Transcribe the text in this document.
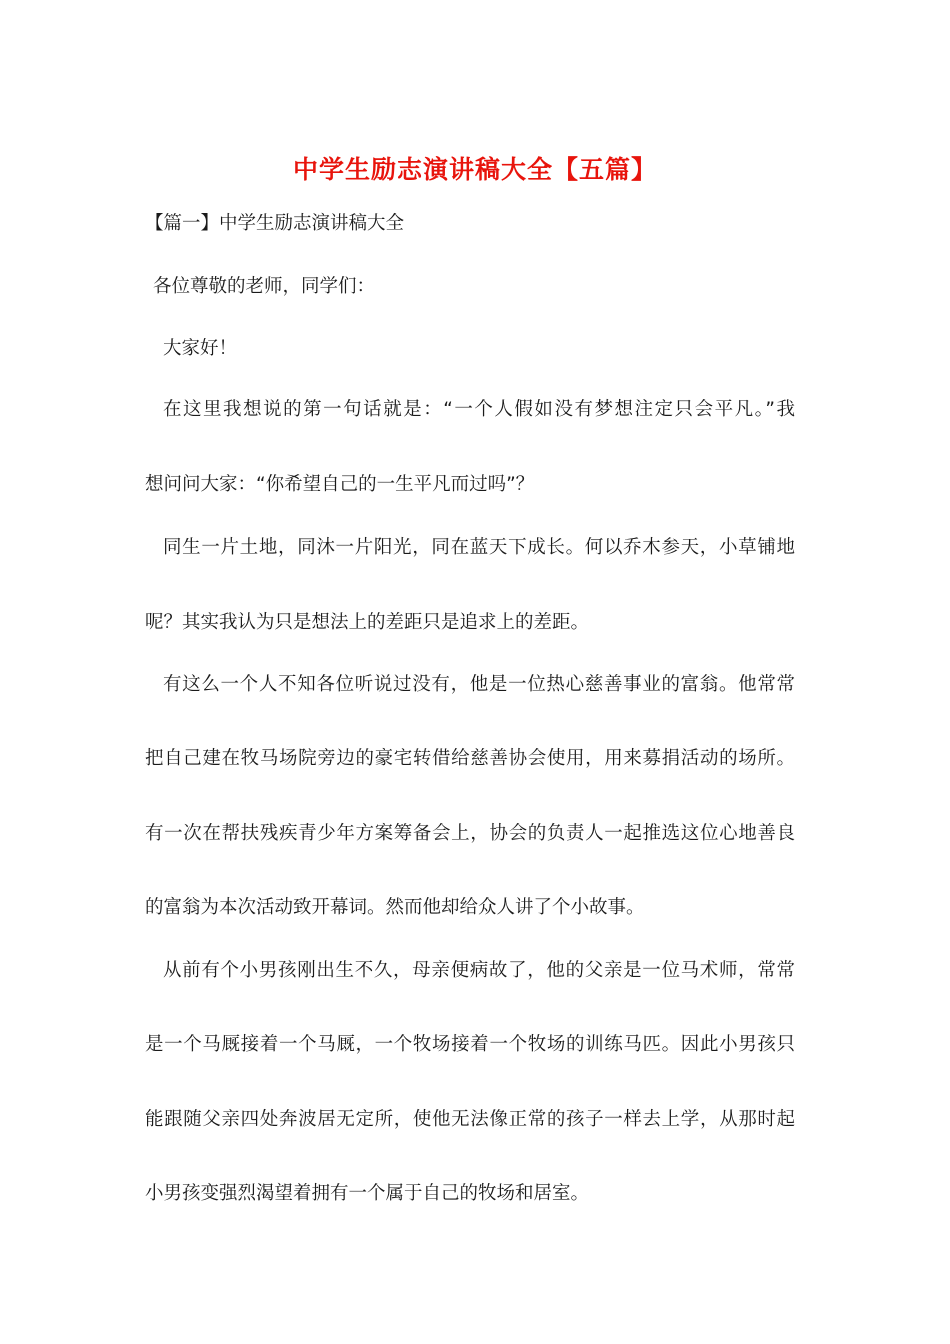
中学生励志演讲稿大全【五篇】
【篇一】中学生励志演讲稿大全
各位尊敬的老师，同学们：
大家好！
在这里我想说的第一句话就是：“一个人假如没有梦想注定只会平凡。”我
想问问大家：“你希望自己的一生平凡而过吗”？
同生一片土地，同沐一片阳光，同在蓝天下成长。何以乔木参天，小草铺地
呢？其实我认为只是想法上的差距只是追求上的差距。
有这么一个人不知各位听说过没有，他是一位热心慈善事业的富翁。他常常
把自己建在牧马场院旁边的豪宅转借给慈善协会使用，用来募捐活动的场所。
有一次在帮扶残疾青少年方案筹备会上，协会的负责人一起推选这位心地善良
的富翁为本次活动致开幕词。然而他却给众人讲了个小故事。
从前有个小男孩刚出生不久，母亲便病故了，他的父亲是一位马术师，常常
是一个马厩接着一个马厩，一个牧场接着一个牧场的训练马匹。因此小男孩只
能跟随父亲四处奔波居无定所，使他无法像正常的孩子一样去上学，从那时起
小男孩变强烈渴望着拥有一个属于自己的牧场和居室。
